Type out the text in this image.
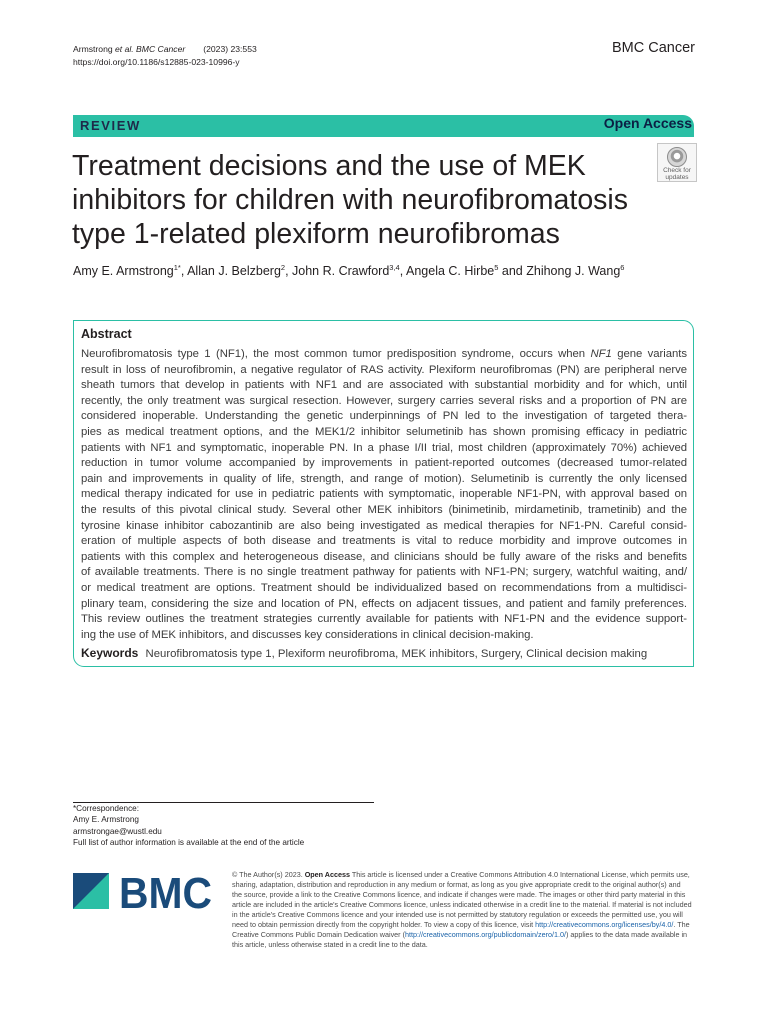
Armstrong et al. BMC Cancer (2023) 23:553
https://doi.org/10.1186/s12885-023-10996-y
BMC Cancer
REVIEW	Open Access
Treatment decisions and the use of MEK inhibitors for children with neurofibromatosis type 1-related plexiform neurofibromas
Check for
updates
Amy E. Armstrong$^{1*}$, Allan J. Belzberg$^2$, John R. Crawford$^{3,4}$, Angela C. Hirbe$^5$ and Zhihong J. Wang$^6$
Abstract
Neurofibromatosis type 1 (NF1), the most common tumor predisposition syndrome, occurs when NF1 gene variants
result in loss of neurofibromin, a negative regulator of RAS activity. Plexiform neurofibromas (PN) are peripheral nerve
sheath tumors that develop in patients with NF1 and are associated with substantial morbidity and for which, until
recently, the only treatment was surgical resection. However, surgery carries several risks and a proportion of PN are
considered inoperable. Understanding the genetic underpinnings of PN led to the investigation of targeted thera-
pies as medical treatment options, and the MEK1/2 inhibitor selumetinib has shown promising efficacy in pediatric
patients with NF1 and symptomatic, inoperable PN. In a phase I/II trial, most children (approximately 70%) achieved
reduction in tumor volume accompanied by improvements in patient-reported outcomes (decreased tumor-related
pain and improvements in quality of life, strength, and range of motion). Selumetinib is currently the only licensed
medical therapy indicated for use in pediatric patients with symptomatic, inoperable NF1-PN, with approval based on
the results of this pivotal clinical study. Several other MEK inhibitors (binimetinib, mirdametinib, trametinib) and the
tyrosine kinase inhibitor cabozantinib are also being investigated as medical therapies for NF1-PN. Careful consid-
eration of multiple aspects of both disease and treatments is vital to reduce morbidity and improve outcomes in
patients with this complex and heterogeneous disease, and clinicians should be fully aware of the risks and benefits
of available treatments. There is no single treatment pathway for patients with NF1-PN; surgery, watchful waiting, and/
or medical treatment are options. Treatment should be individualized based on recommendations from a multidisci-
plinary team, considering the size and location of PN, effects on adjacent tissues, and patient and family preferences.
This review outlines the treatment strategies currently available for patients with NF1-PN and the evidence support-
ing the use of MEK inhibitors, and discusses key considerations in clinical decision-making.
Keywords Neurofibromatosis type 1, Plexiform neurofibroma, MEK inhibitors, Surgery, Clinical decision making
*Correspondence:
Amy E. Armstrong
armstrongae@wustl.edu
Full list of author information is available at the end of the article
BMC	© The Author(s) 2023. Open Access This article is licensed under a Creative Commons Attribution 4.0 International License, which permits use, sharing, adaptation, distribution and reproduction in any medium or format, as long as you give appropriate credit to the original author(s) and the source, provide a link to the Creative Commons licence, and indicate if changes were made. The images or other third party material in this article are included in the article's Creative Commons licence, unless indicated otherwise in a credit line to the material. If material is not included in the article's Creative Commons licence and your intended use is not permitted by statutory regulation or exceeds the permitted use, you will need to obtain permission directly from the copyright holder. To view a copy of this licence, visit http://creativecommons.org/licenses/by/4.0/. The Creative Commons Public Domain Dedication waiver (http://creativecommons.org/publicdomain/zero/1.0/) applies to the data made available in this article, unless otherwise stated in a credit line to the data.
